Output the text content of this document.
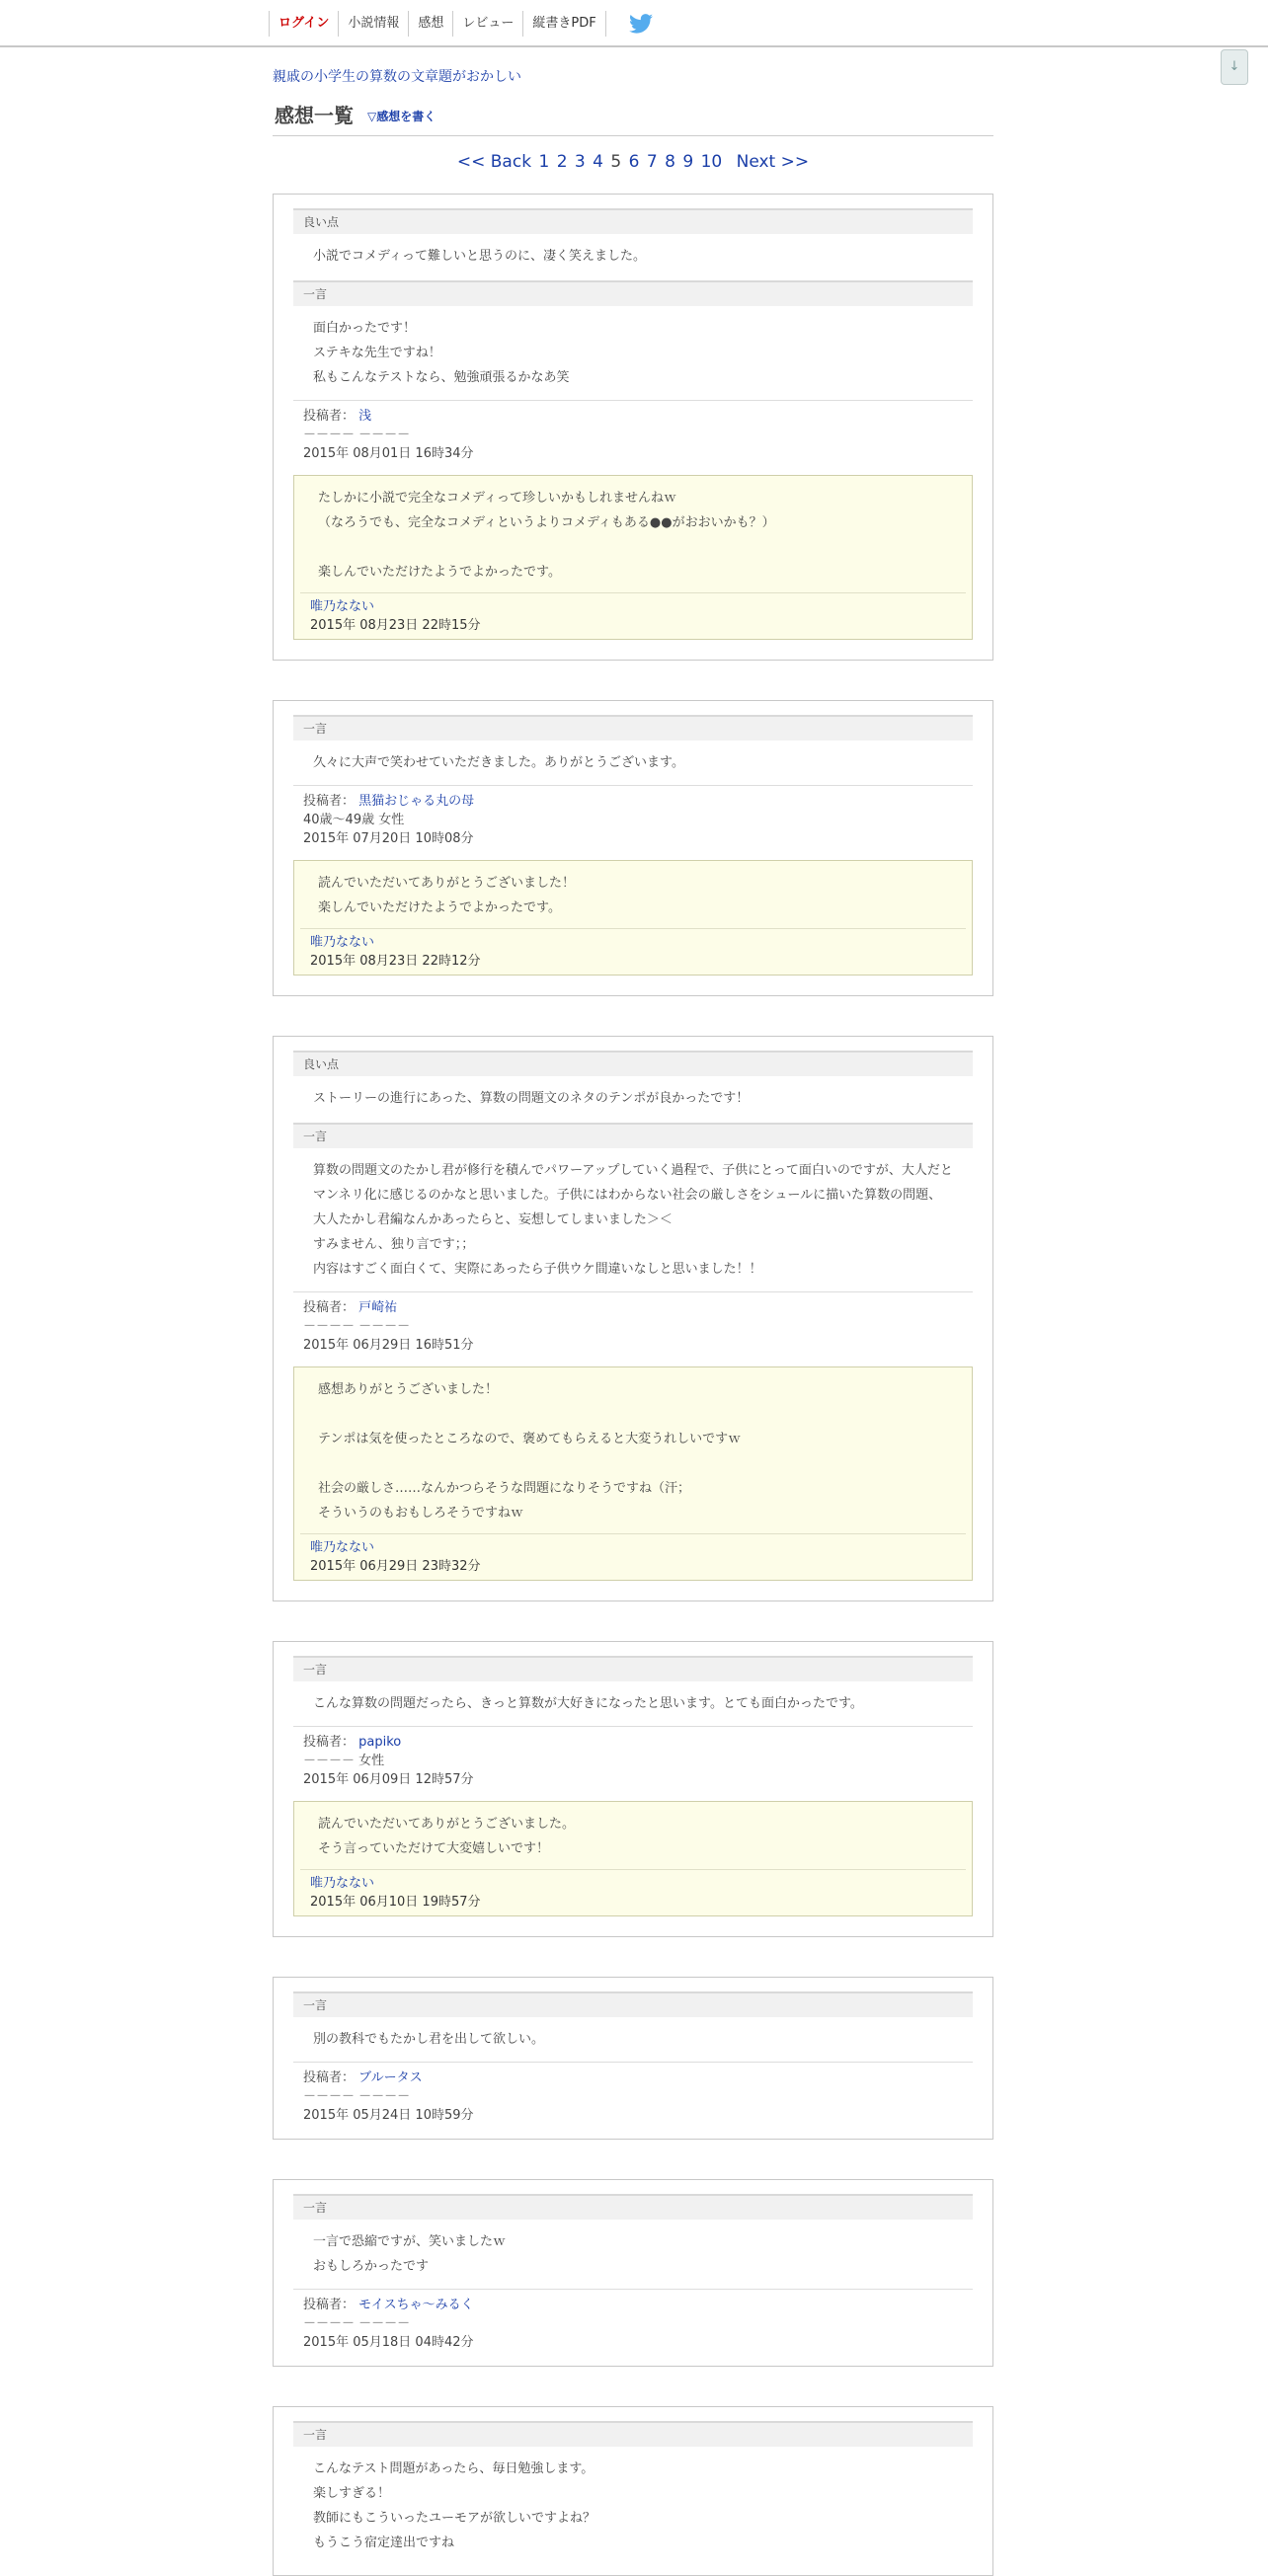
ログイン	小説情報	感想	レビュー	縦書きPDF
↓
親戚の小学生の算数の文章題がおかしい
感想一覧 ▽感想を書く
<< Back 1 2 3 4 5 6 7 8 9 10 Next >>
良い点

小説でコメディって難しいと思うのに、凄く笑えました。

一言

面白かったです！
ステキな先生ですね！
私もこんなテストなら、勉強頑張るかなあ笑

投稿者： 浅
－－－－ －－－－
2015年 08月01日 16時34分
たしかに小説で完全なコメディって珍しいかもしれませんねｗ
（なろうでも、完全なコメディというよりコメディもある●●がおおいかも？）

楽しんでいただけたようでよかったです。
唯乃なない
2015年 08月23日 22時15分
一言

久々に大声で笑わせていただきました。ありがとうございます。

投稿者： 黒猫おじゃる丸の母
40歳～49歳 女性
2015年 07月20日 10時08分
読んでいただいてありがとうございました！
楽しんでいただけたようでよかったです。
唯乃なない
2015年 08月23日 22時12分
良い点

ストーリーの進行にあった、算数の問題文のネタのテンポが良かったです！

一言

算数の問題文のたかし君が修行を積んでパワーアップしていく過程で、子供にとって面白いのですが、大人だとマンネリ化に感じるのかなと思いました。子供にはわからない社会の厳しさをシュールに描いた算数の問題、大人たかし君編なんかあったらと、妄想してしまいました＞＜
すみません、独り言です；；
内容はすごく面白くて、実際にあったら子供ウケ間違いなしと思いました！！

投稿者： 戸崎祐
－－－－ －－－－
2015年 06月29日 16時51分
感想ありがとうございました！

テンポは気を使ったところなので、褒めてもらえると大変うれしいですｗ

社会の厳しさ……なんかつらそうな問題になりそうですね（汗；
そういうのもおもしろそうですねｗ
唯乃なない
2015年 06月29日 23時32分
一言

こんな算数の問題だったら、きっと算数が大好きになったと思います。とても面白かったです。

投稿者： papiko
－－－－ 女性
2015年 06月09日 12時57分
読んでいただいてありがとうございました。
そう言っていただけて大変嬉しいです！
唯乃なない
2015年 06月10日 19時57分
一言

別の教科でもたかし君を出して欲しい。

投稿者： ブルータス
－－－－ －－－－
2015年 05月24日 10時59分
一言

一言で恐縮ですが、笑いましたｗ
おもしろかったです

投稿者： モイスちゃ～みるく
－－－－ －－－－
2015年 05月18日 04時42分
一言

こんなテスト問題があったら、毎日勉強します。
楽しすぎる！
教師にもこういったユーモアが欲しいですよね？
もうこう宿定達出ですね
